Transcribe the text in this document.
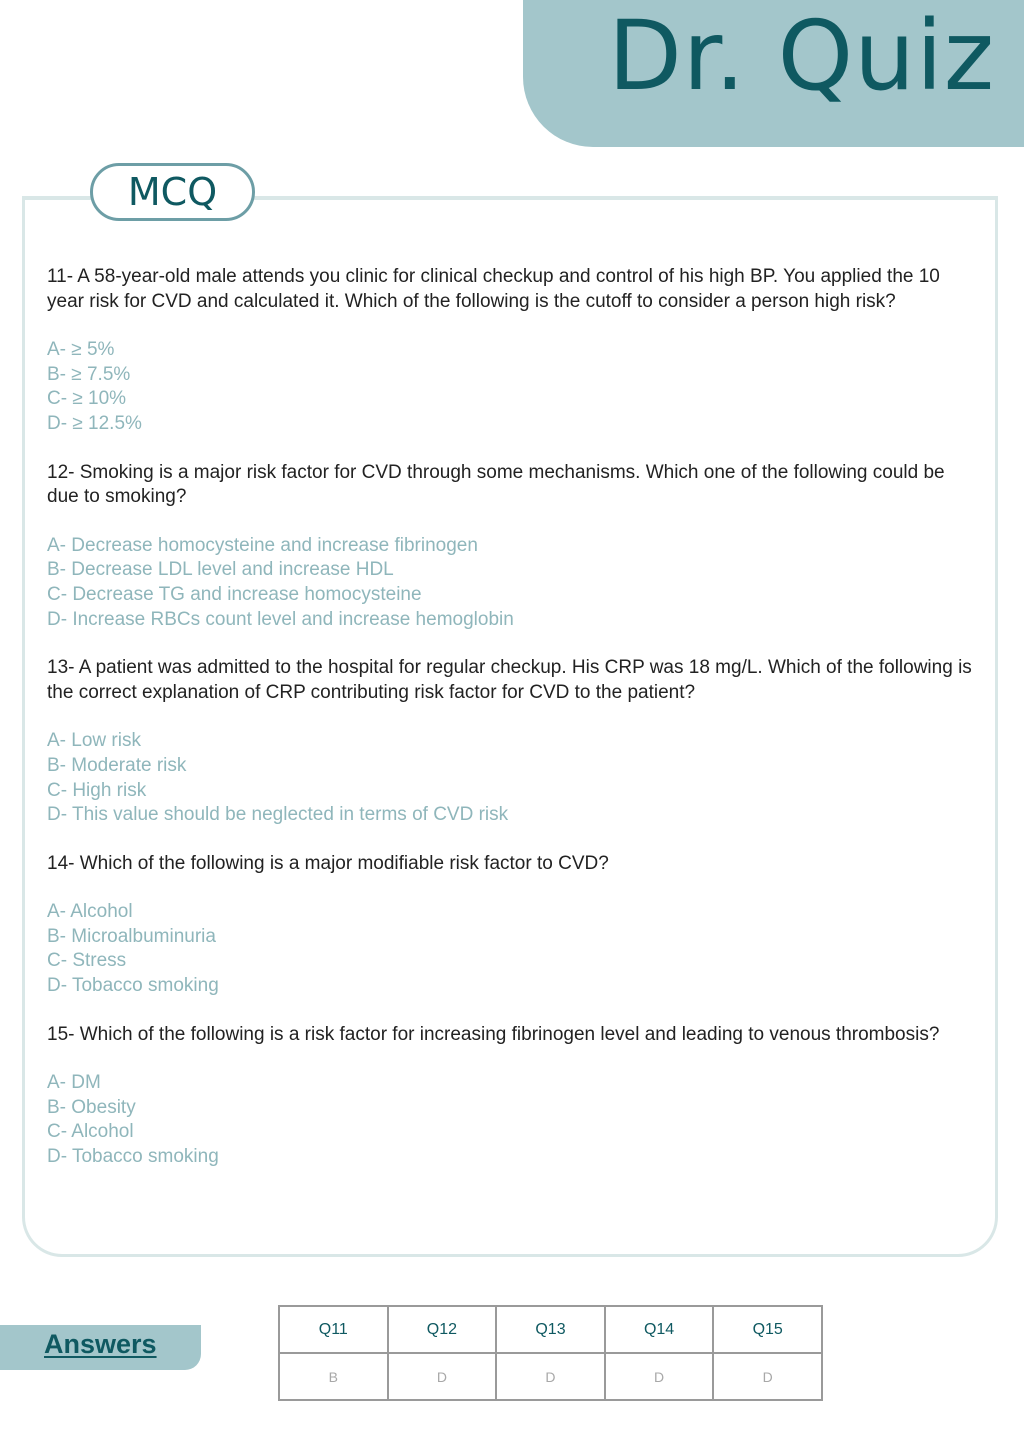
Dr. Quiz
MCQ

11- A 58-year-old male attends you clinic for clinical checkup and control of his high BP. You applied the 10 year risk for CVD and calculated it. Which of the following is the cutoff to consider a person high risk?

A- ≥ 5%
B- ≥ 7.5%
C- ≥ 10%
D- ≥ 12.5%

12- Smoking is a major risk factor for CVD through some mechanisms. Which one of the following could be due to smoking?

A- Decrease homocysteine and increase fibrinogen
B- Decrease LDL level and increase HDL
C- Decrease TG and increase homocysteine
D- Increase RBCs count level and increase hemoglobin

13- A patient was admitted to the hospital for regular checkup. His CRP was 18 mg/L. Which of the following is the correct explanation of CRP contributing risk factor for CVD to the patient?

A- Low risk
B- Moderate risk
C- High risk
D- This value should be neglected in terms of CVD risk

14- Which of the following is a major modifiable risk factor to CVD?

A- Alcohol
B- Microalbuminuria
C- Stress
D- Tobacco smoking

15- Which of the following is a risk factor for increasing fibrinogen level and leading to venous thrombosis?

A- DM
B- Obesity
C- Alcohol
D- Tobacco smoking

Answers	Q11	Q12	Q13	Q14	Q15
B	D	D	D	D
